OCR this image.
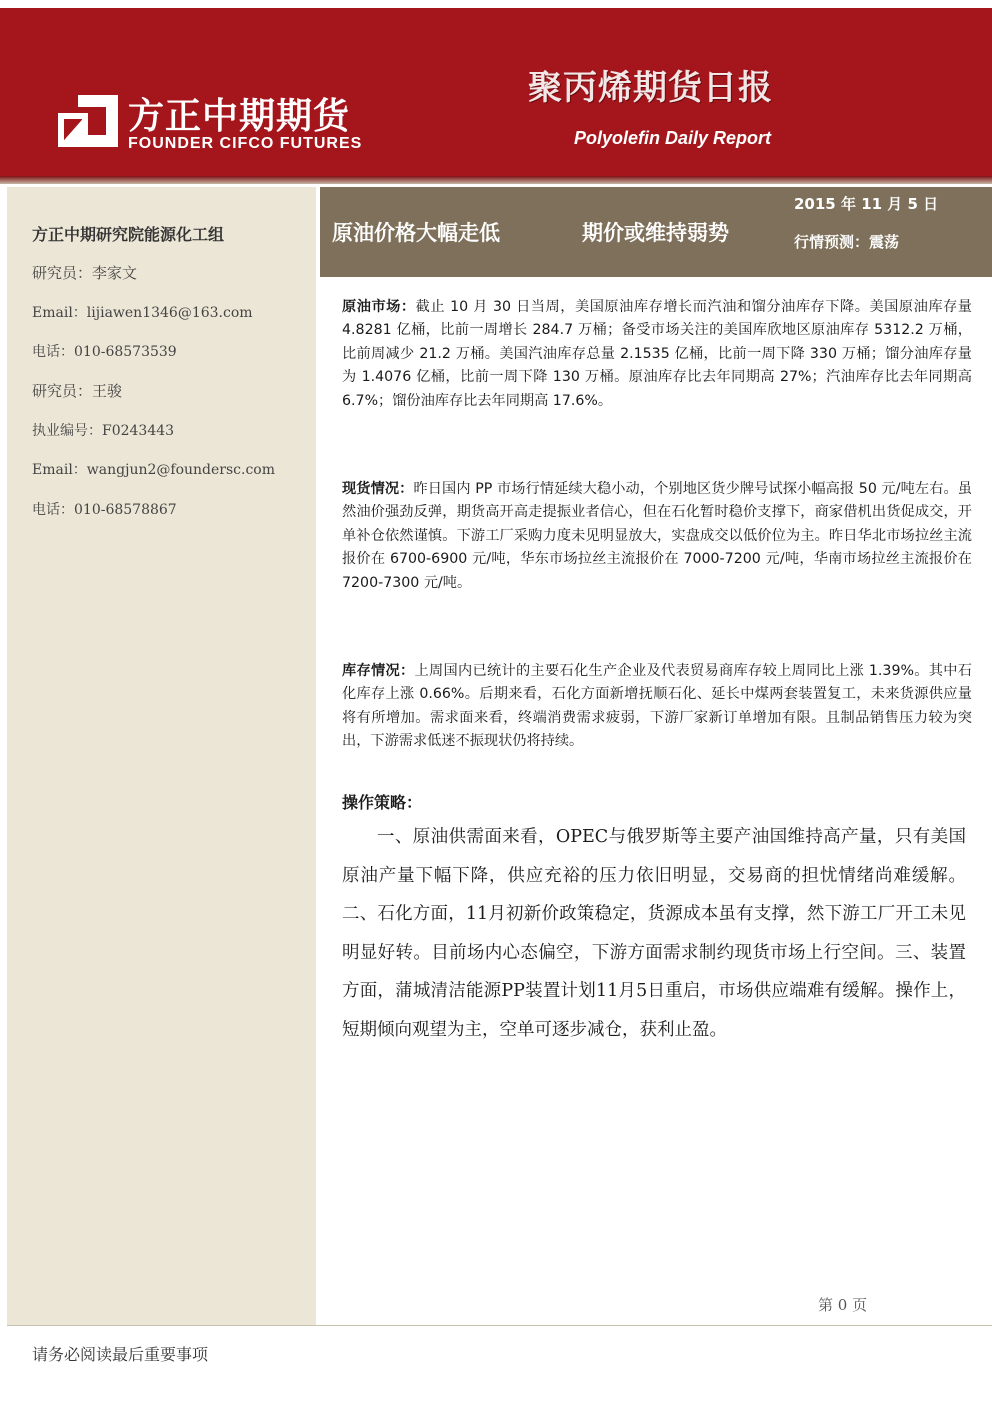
方正中期期货
FOUNDER CIFCO FUTURES
聚丙烯期货日报
Polyolefin Daily Report
方正中期研究院能源化工组
研究员：李家文
Email：lijiawen1346@163.com
电话：010-68573539
研究员：王骏
执业编号：F0243443
Email：wangjun2@foundersc.com
电话：010-68578867
原油价格大幅走低	期价或维持弱势
2015 年 11 月 5 日
行情预测：震荡
原油市场：截止 10 月 30 日当周，美国原油库存增长而汽油和馏分油库存下降。美国原油库存量 4.8281 亿桶，比前一周增长 284.7 万桶；备受市场关注的美国库欣地区原油库存 5312.2 万桶，比前周减少 21.2 万桶。美国汽油库存总量 2.1535 亿桶，比前一周下降 330 万桶；馏分油库存量为 1.4076 亿桶，比前一周下降 130 万桶。原油库存比去年同期高 27%；汽油库存比去年同期高 6.7%；馏份油库存比去年同期高 17.6%。
现货情况：昨日国内 PP 市场行情延续大稳小动，个别地区货少牌号试探小幅高报 50 元/吨左右。虽然油价强劲反弹，期货高开高走提振业者信心，但在石化暂时稳价支撑下，商家借机出货促成交，开单补仓依然谨慎。下游工厂采购力度未见明显放大，实盘成交以低价位为主。昨日华北市场拉丝主流报价在 6700-6900 元/吨，华东市场拉丝主流报价在 7000-7200 元/吨，华南市场拉丝主流报价在 7200-7300 元/吨。
库存情况：上周国内已统计的主要石化生产企业及代表贸易商库存较上周同比上涨 1.39%。其中石化库存上涨 0.66%。后期来看，石化方面新增抚顺石化、延长中煤两套装置复工，未来货源供应量将有所增加。需求面来看，终端消费需求疲弱，下游厂家新订单增加有限。且制品销售压力较为突出，下游需求低迷不振现状仍将持续。
操作策略：
一、原油供需面来看，OPEC与俄罗斯等主要产油国维持高产量，只有美国原油产量下幅下降，供应充裕的压力依旧明显，交易商的担忧情绪尚难缓解。二、石化方面，11月初新价政策稳定，货源成本虽有支撑，然下游工厂开工未见明显好转。目前场内心态偏空，下游方面需求制约现货市场上行空间。三、装置方面，蒲城清洁能源PP装置计划11月5日重启，市场供应端难有缓解。操作上，短期倾向观望为主，空单可逐步减仓，获利止盈。
第 0 页
请务必阅读最后重要事项
